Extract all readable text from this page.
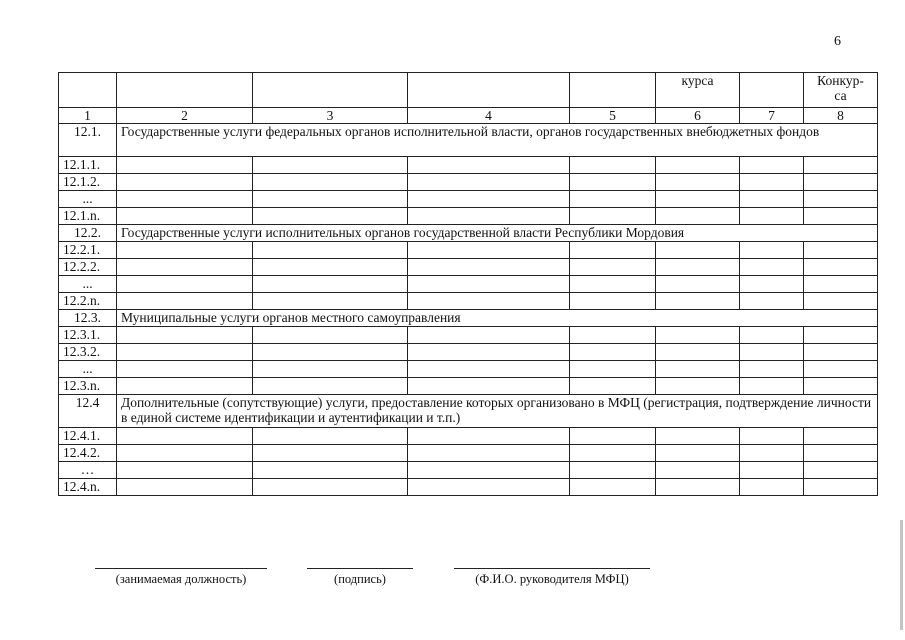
6
					курса		Конкур-
са
1	2	3	4	5	6	7	8
12.1.	Государственные услуги федеральных органов исполнительной власти, органов государственных внебюджетных фондов						
12.1.1.							
12.1.2.							
...							
12.1.n.							
12.2.	Государственные услуги исполнительных органов государственной власти Республики Мордовия						
12.2.1.							
12.2.2.							
...							
12.2.n.							
12.3.	Муниципальные услуги органов местного самоуправления						
12.3.1.							
12.3.2.							
...							
12.3.n.							
12.4	Дополнительные (сопутствующие) услуги, предоставление которых организовано в МФЦ (регистрация, подтверждение личности в единой системе идентификации и аутентификации и т.п.)						
12.4.1.							
12.4.2.							
…							
12.4.n.							
(занимаемая должность)	(подпись)	(Ф.И.О. руководителя МФЦ)
